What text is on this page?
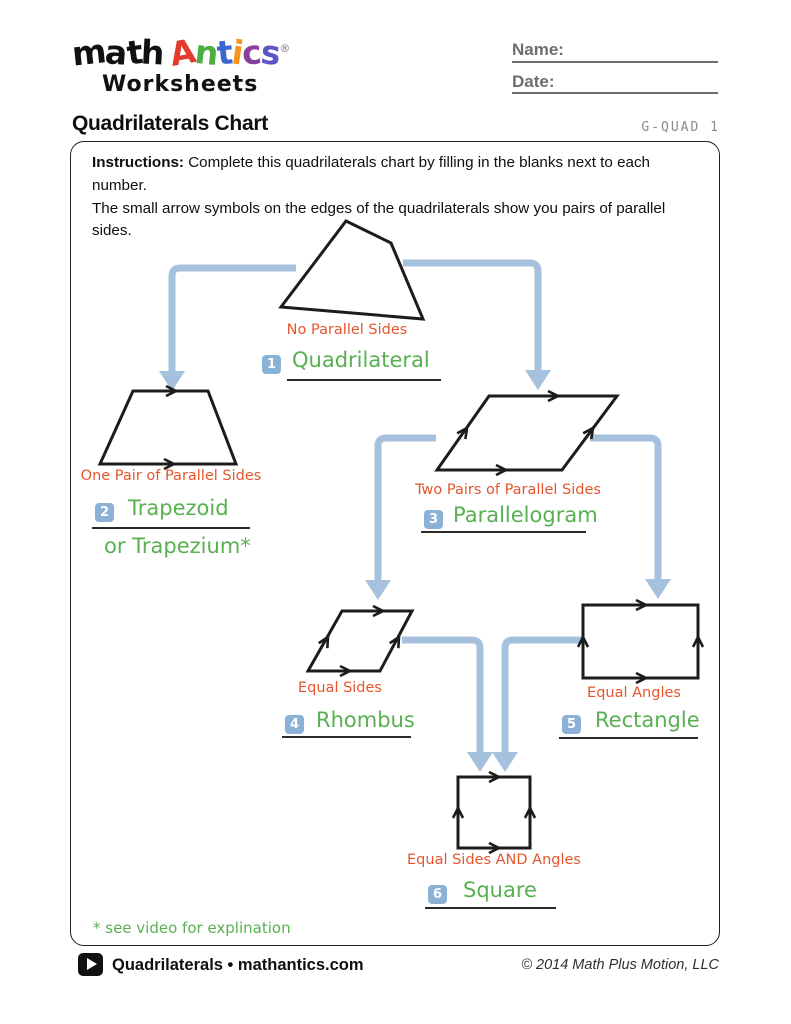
mathAntics®
Worksheets
Name:
Date:
Quadrilaterals Chart	G-QUAD 1
Instructions: Complete this quadrilaterals chart by filling in the blanks next to each number.
The small arrow symbols on the edges of the quadrilaterals show you pairs of parallel sides.
No Parallel Sides
One Pair of Parallel Sides
Two Pairs of Parallel Sides
Equal Sides	Equal Angles
Equal Sides AND Angles
1 Quadrilateral
2 Trapezoid
or Trapezium*
3 Parallelogram
4 Rhombus	5 Rectangle
6 Square
* see video for explination
Quadrilaterals • mathantics.com	© 2014 Math Plus Motion, LLC
